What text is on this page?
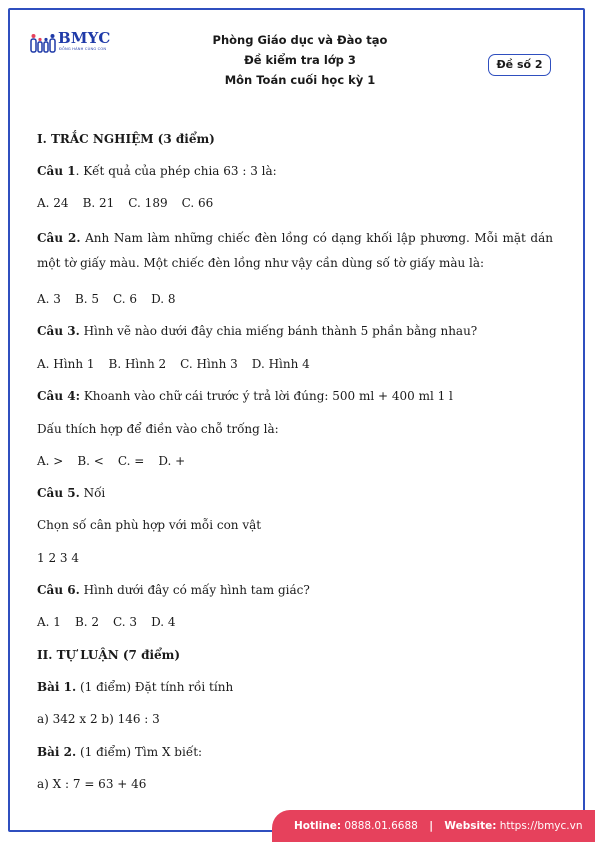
BMYC
ĐỒNG HÀNH CÙNG CON
Phòng Giáo dục và Đào tạo
Đề kiểm tra lớp 3
Môn Toán cuối học kỳ 1
Đề số 2
I. TRẮC NGHIỆM (3 điểm)
Câu 1. Kết quả của phép chia 63 : 3 là:
A. 24 B. 21 C. 189 C. 66
Câu 2. Anh Nam làm những chiếc đèn lồng có dạng khối lập phương. Mỗi mặt dán một tờ giấy màu. Một chiếc đèn lồng như vậy cần dùng số tờ giấy màu là:
A. 3 B. 5 C. 6 D. 8
Câu 3. Hình vẽ nào dưới đây chia miếng bánh thành 5 phần bằng nhau?
A. Hình 1 B. Hình 2 C. Hình 3 D. Hình 4
Câu 4: Khoanh vào chữ cái trước ý trả lời đúng: 500 ml + 400 ml 1 l
Dấu thích hợp để điền vào chỗ trống là:
A. > B. < C. = D. +
Câu 5. Nối
Chọn số cân phù hợp với mỗi con vật
1 2 3 4
Câu 6. Hình dưới đây có mấy hình tam giác?
A. 1 B. 2 C. 3 D. 4
II. TỰ LUẬN (7 điểm)
Bài 1. (1 điểm) Đặt tính rồi tính
a) 342 x 2 b) 146 : 3
Bài 2. (1 điểm) Tìm X biết:
a) X : 7 = 63 + 46
Hotline: 0888.01.6688 | Website: https://bmyc.vn
